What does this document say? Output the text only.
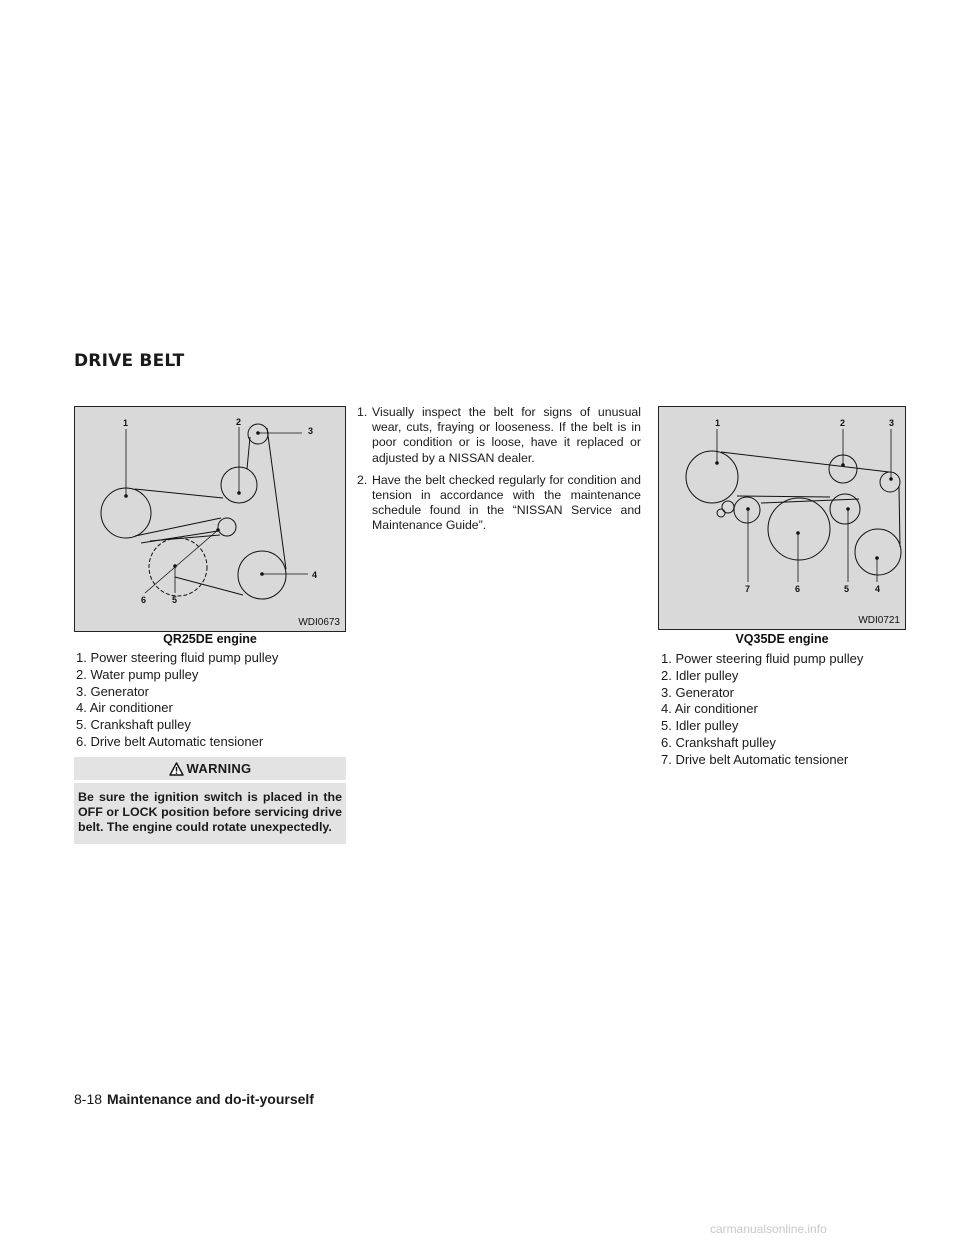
DRIVE BELT
1	2
3
4
5
6
WDI0673
QR25DE engine
1. Power steering fluid pump pulley
2. Water pump pulley
3. Generator
4. Air conditioner
5. Crankshaft pulley
6. Drive belt Automatic tensioner
WARNING
Be sure the ignition switch is placed in the OFF or LOCK position before servicing drive belt. The engine could rotate unexpectedly.
1. Visually inspect the belt for signs of unusual wear, cuts, fraying or looseness. If the belt is in poor condition or is loose, have it replaced or adjusted by a NISSAN dealer.
2. Have the belt checked regularly for condition and tension in accordance with the maintenance schedule found in the “NISSAN Service and Maintenance Guide”.
1	2	3
4
5
6
7
WDI0721
VQ35DE engine
1. Power steering fluid pump pulley
2. Idler pulley
3. Generator
4. Air conditioner
5. Idler pulley
6. Crankshaft pulley
7. Drive belt Automatic tensioner
8-18 Maintenance and do-it-yourself
carmanualsonline.info
